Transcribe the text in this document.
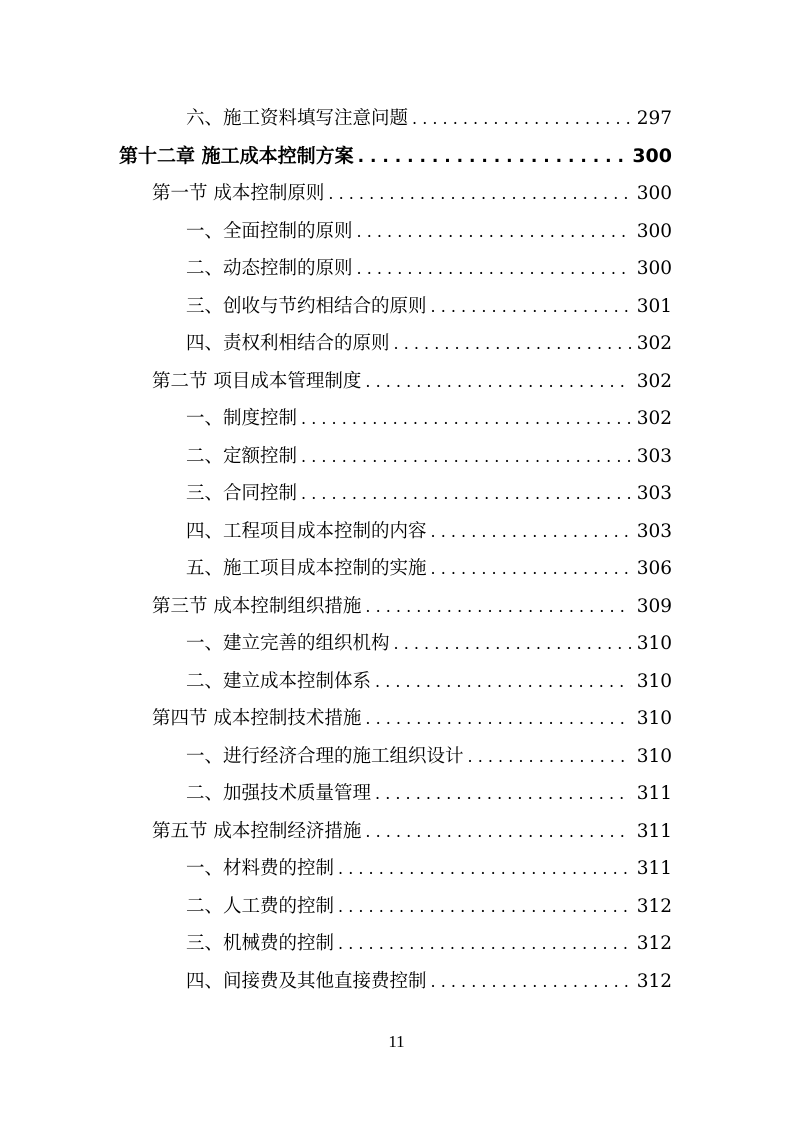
六、施工资料填写注意问题 . . .	297
第十二章 施工成本控制方案 . . .	300
第一节 成本控制原则 . . .	300
一、全面控制的原则 . . .	300
二、动态控制的原则 . . .	300
三、创收与节约相结合的原则 . . .	301
四、责权利相结合的原则 . . .	302
第二节 项目成本管理制度 . . .	302
一、制度控制 . . .	302
二、定额控制 . . .	303
三、合同控制 . . .	303
四、工程项目成本控制的内容 . . .	303
五、施工项目成本控制的实施 . . .	306
第三节 成本控制组织措施 . . .	309
一、建立完善的组织机构 . . .	310
二、建立成本控制体系 . . .	310
第四节 成本控制技术措施 . . .	310
一、进行经济合理的施工组织设计 . . .	310
二、加强技术质量管理 . . .	311
第五节 成本控制经济措施 . . .	311
一、材料费的控制 . . .	311
二、人工费的控制 . . .	312
三、机械费的控制 . . .	312
四、间接费及其他直接费控制 . . .	312
11
